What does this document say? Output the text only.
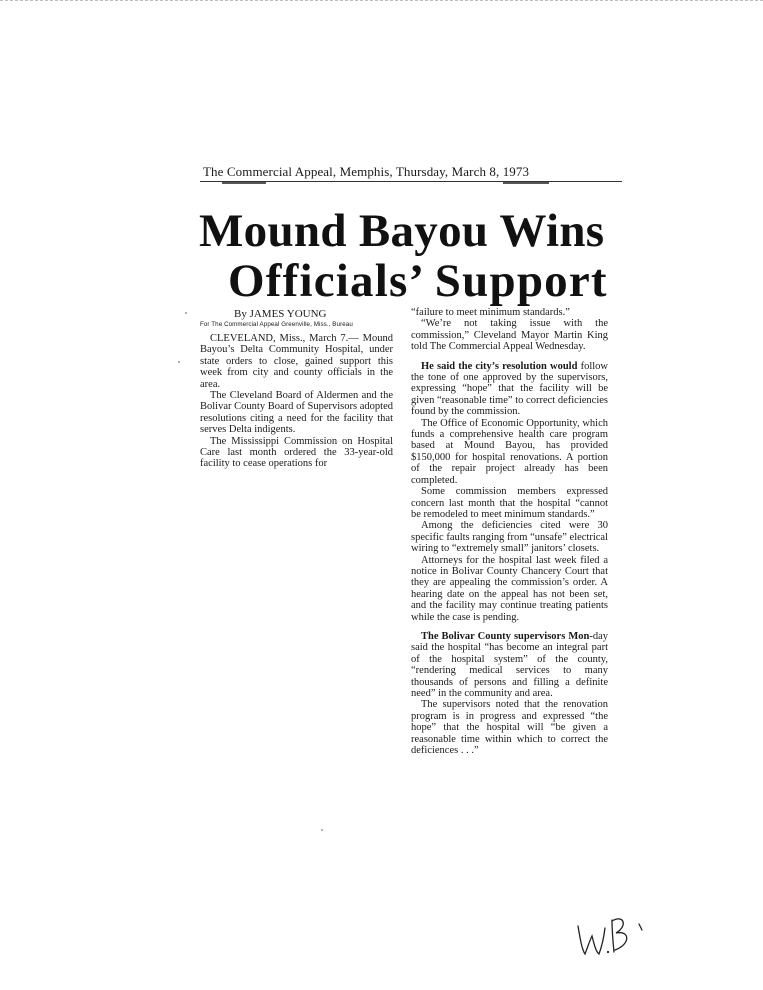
The Commercial Appeal, Memphis, Thursday, March 8, 1973
Mound Bayou Wins
Officials’ Support
By JAMES YOUNG
For The Commercial Appeal Greenville, Miss., Bureau

CLEVELAND, Miss., March 7.— Mound Bayou’s Delta Community Hospital, under state orders to close, gained support this week from city and county officials in the area.

The Cleveland Board of Aldermen and the Bolivar County Board of Supervisors adopted resolutions citing a need for the facility that serves Delta indigents.

The Mississippi Commission on Hospital Care last month ordered the 33-year-old facility to cease operations for

“failure to meet minimum standards.”

“We’re not taking issue with the commission,” Cleveland Mayor Martin King told The Commercial Appeal Wednesday.

He said the city’s resolution would follow the tone of one approved by the supervisors, expressing “hope” that the facility will be given “reasonable time” to correct deficiencies found by the commission.

The Office of Economic Opportunity, which funds a comprehensive health care program based at Mound Bayou, has provided $150,000 for hospital renovations. A portion of the repair project already has been completed.

Some commission members expressed concern last month that the hospital “cannot be remodeled to meet minimum standards.”

Among the deficiencies cited were 30 specific faults ranging from “unsafe” electrical wiring to “extremely small” janitors’ closets.

Attorneys for the hospital last week filed a notice in Bolivar County Chancery Court that they are appealing the commission’s order. A hearing date on the appeal has not been set, and the facility may continue treating patients while the case is pending.

The Bolivar County supervisors Mon-day said the hospital “has become an integral part of the hospital system” of the county, “rendering medical services to many thousands of persons and filling a definite need” in the community and area.

The supervisors noted that the renovation program is in progress and expressed “the hope” that the hospital will “be given a reasonable time within which to correct the deficiences . . .”
